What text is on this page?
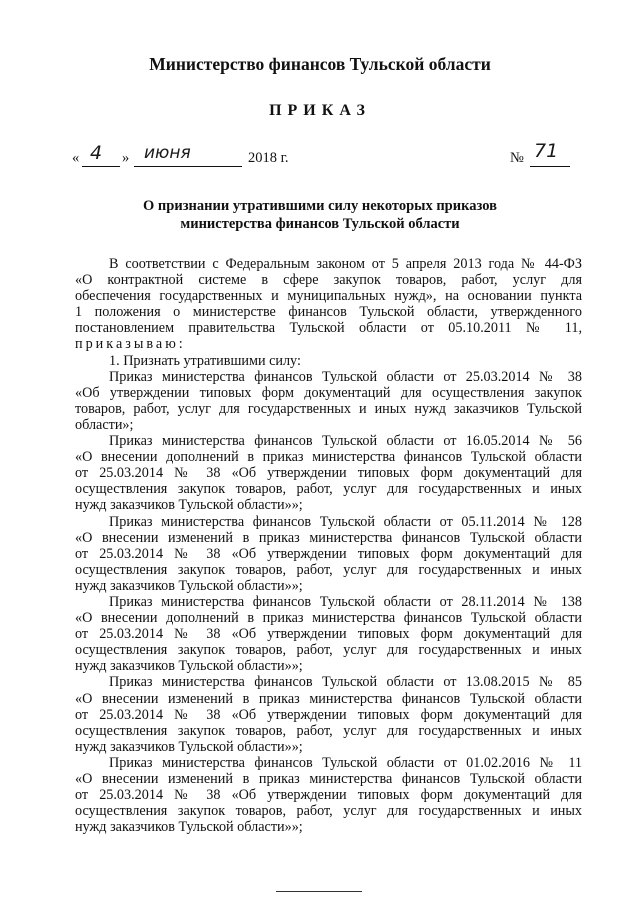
Министерство финансов Тульской области
ПРИКАЗ
« 4 » июня	2018 г.	№ 71
О признании утратившими силу некоторых приказов
министерства финансов Тульской области

В соответствии с Федеральным законом от 5 апреля 2013 года № 44-ФЗ
«О контрактной системе в сфере закупок товаров, работ, услуг для
обеспечения государственных и муниципальных нужд», на основании пункта
1 положения о министерстве финансов Тульской области, утвержденного
постановлением правительства Тульской области от 05.10.2011 № 11,
приказываю:

1. Признать утратившими силу:

Приказ министерства финансов Тульской области от 25.03.2014 № 38
«Об утверждении типовых форм документаций для осуществления закупок
товаров, работ, услуг для государственных и иных нужд заказчиков Тульской
области»;

Приказ министерства финансов Тульской области от 16.05.2014 № 56
«О внесении дополнений в приказ министерства финансов Тульской области
от 25.03.2014 № 38 «Об утверждении типовых форм документаций для
осуществления закупок товаров, работ, услуг для государственных и иных
нужд заказчиков Тульской области»»;

Приказ министерства финансов Тульской области от 05.11.2014 № 128
«О внесении изменений в приказ министерства финансов Тульской области
от 25.03.2014 № 38 «Об утверждении типовых форм документаций для
осуществления закупок товаров, работ, услуг для государственных и иных
нужд заказчиков Тульской области»»;

Приказ министерства финансов Тульской области от 28.11.2014 № 138
«О внесении дополнений в приказ министерства финансов Тульской области
от 25.03.2014 № 38 «Об утверждении типовых форм документаций для
осуществления закупок товаров, работ, услуг для государственных и иных
нужд заказчиков Тульской области»»;

Приказ министерства финансов Тульской области от 13.08.2015 № 85
«О внесении изменений в приказ министерства финансов Тульской области
от 25.03.2014 № 38 «Об утверждении типовых форм документаций для
осуществления закупок товаров, работ, услуг для государственных и иных
нужд заказчиков Тульской области»»;

Приказ министерства финансов Тульской области от 01.02.2016 № 11
«О внесении изменений в приказ министерства финансов Тульской области
от 25.03.2014 № 38 «Об утверждении типовых форм документаций для
осуществления закупок товаров, работ, услуг для государственных и иных
нужд заказчиков Тульской области»»;
